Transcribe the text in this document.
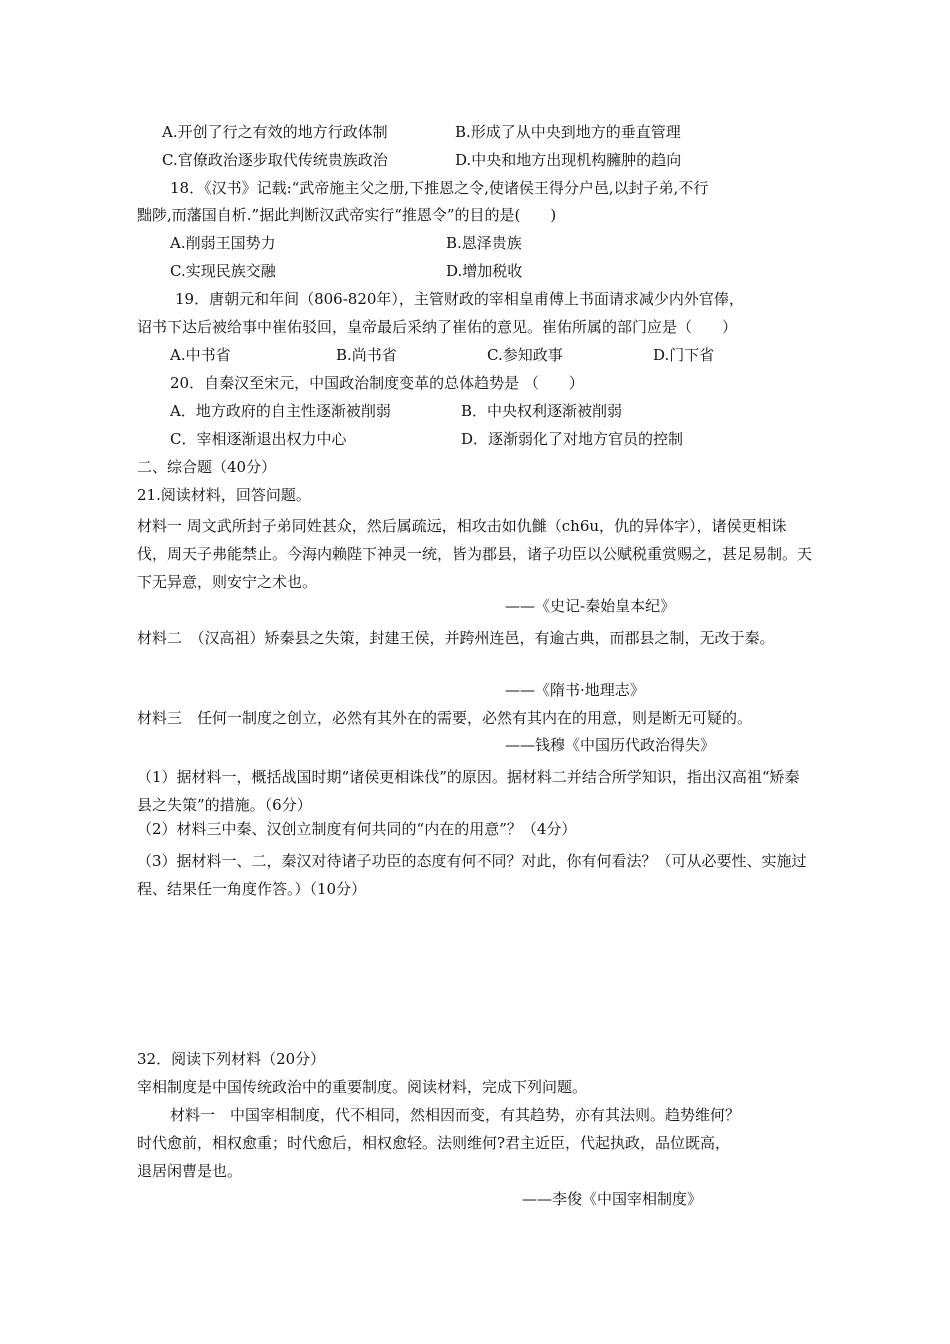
A.开创了行之有效的地方行政体制	B.形成了从中央到地方的垂直管理
C.官僚政治逐步取代传统贵族政治	D.中央和地方出现机构臃肿的趋向
18．《汉书》记载:“武帝施主父之册,下推恩之令,使诸侯王得分户邑,以封子弟,不行
黜陟,而藩国自析.”据此判断汉武帝实行“推恩令”的目的是(　　)
A.削弱王国势力	B.恩泽贵族
C.实现民族交融	D.增加税收
19．唐朝元和年间（806-820年），主管财政的宰相皇甫傅上书面请求减少内外官俸，
诏书下达后被给事中崔佑驳回，皇帝最后采纳了崔佑的意见。崔佑所属的部门应是（　　）
A.中书省	B.尚书省	C.参知政事	D.门下省
20．自秦汉至宋元，中国政治制度变革的总体趋势是 （　　）
A．地方政府的自主性逐渐被削弱	B．中央权利逐渐被削弱
C．宰相逐渐退出权力中心	D．逐渐弱化了对地方官员的控制
二、综合题（40分）
21.阅读材料，回答问题。
材料一 周文武所封子弟同姓甚众，然后属疏远，相攻击如仇雠（ch6u，仇的异体字），诸侯更相诛伐，周天子弗能禁止。今海内赖陛下神灵一统，皆为郡县，诸子功臣以公赋税重赏赐之，甚足易制。天下无异意，则安宁之术也。
——《史记-秦始皇本纪》
材料二　（汉高祖）矫秦县之失策，封建王侯，并跨州连邑，有逾古典，而郡县之制，无改于秦。
——《隋书·地理志》
材料三　任何一制度之创立，必然有其外在的需要，必然有其内在的用意，则是断无可疑的。
——钱穆《中国历代政治得失》
（1）据材料一，概括战国时期“诸侯更相诛伐”的原因。据材料二并结合所学知识，指出汉高祖“矫秦县之失策”的措施。（6分）
（2）材料三中秦、汉创立制度有何共同的“内在的用意”？（4分）
（3）据材料一、二，秦汉对待诸子功臣的态度有何不同？对此，你有何看法？（可从必要性、实施过程、结果任一角度作答。）（10分）
32．阅读下列材料（20分）
宰相制度是中国传统政治中的重要制度。阅读材料，完成下列问题。
材料一　中国宰相制度，代不相同，然相因而变，有其趋势，亦有其法则。趋势维何？
时代愈前，相权愈重；时代愈后，相权愈轻。法则维何?君主近臣，代起执政，品位既高，
退居闲曹是也。
——李俊《中国宰相制度》
